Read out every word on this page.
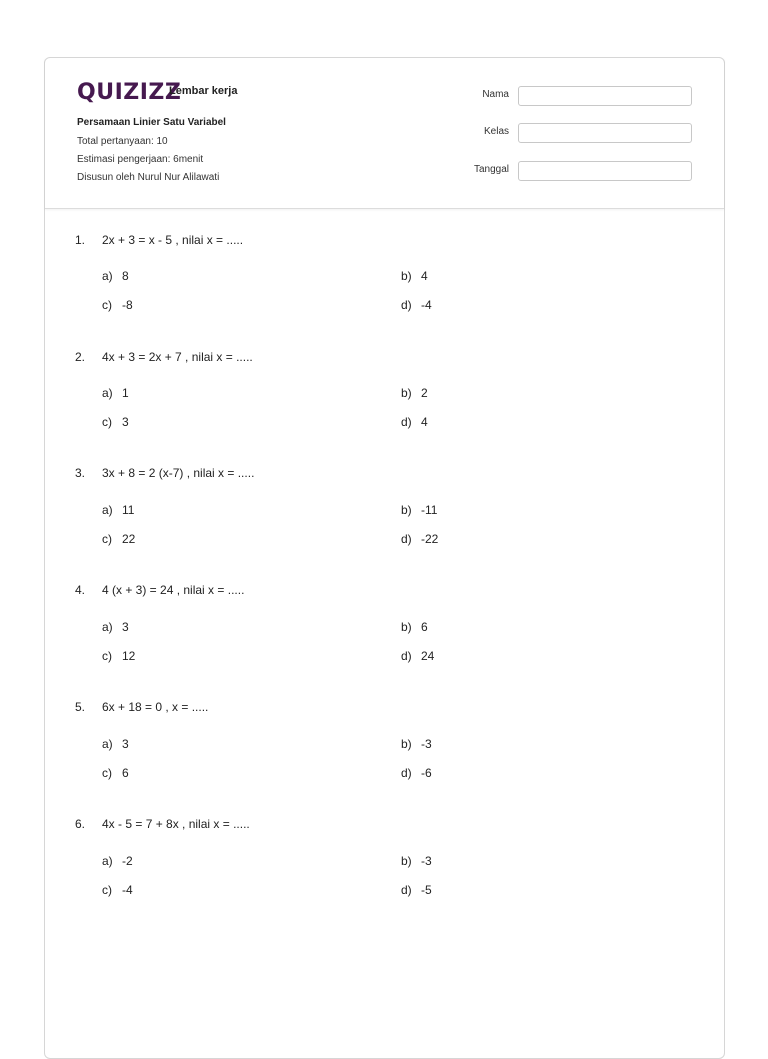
QUIZIZZ
Lembar kerja
Persamaan Linier Satu Variabel
Total pertanyaan: 10
Estimasi pengerjaan: 6menit
Disusun oleh Nurul Nur Alilawati
Nama
Kelas
Tanggal
1. 2x + 3 = x - 5 , nilai x = .....
a) 8	b) 4
c) -8	d) -4
2. 4x + 3 = 2x + 7 , nilai x = .....
a) 1	b) 2
c) 3	d) 4
3. 3x + 8 = 2 (x-7) , nilai x = .....
a) 11	b) -11
c) 22	d) -22
4. 4 (x + 3) = 24 , nilai x = .....
a) 3	b) 6
c) 12	d) 24
5. 6x + 18 = 0 , x = .....
a) 3	b) -3
c) 6	d) -6
6. 4x - 5 = 7 + 8x , nilai x = .....
a) -2	b) -3
c) -4	d) -5
